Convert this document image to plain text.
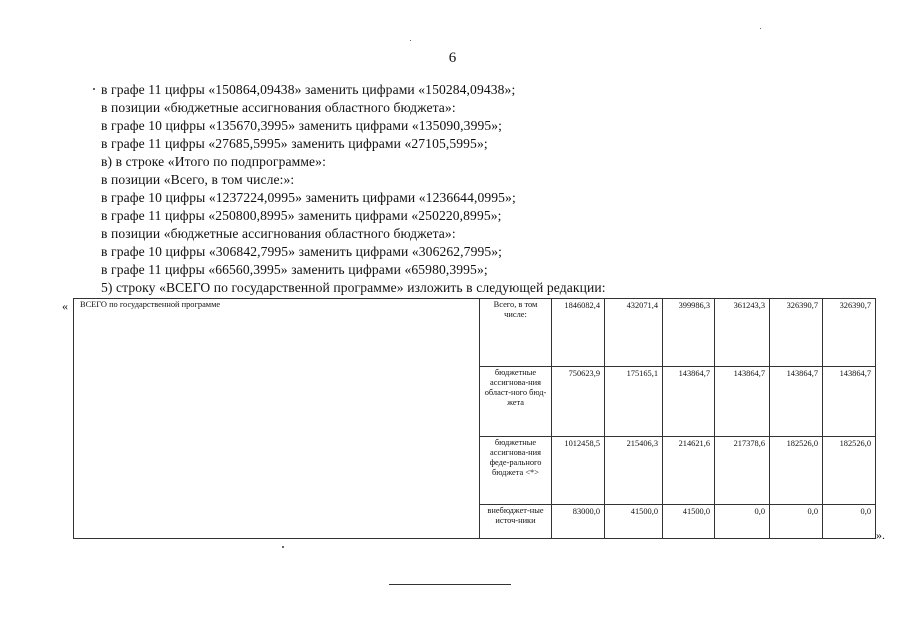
6
в графе 11 цифры «150864,09438» заменить цифрами «150284,09438»;
в позиции «бюджетные ассигнования областного бюджета»:
в графе 10 цифры «135670,3995» заменить цифрами «135090,3995»;
в графе 11 цифры «27685,5995» заменить цифрами «27105,5995»;
в) в строке «Итого по подпрограмме»:
в позиции «Всего, в том числе:»:
в графе 10 цифры «1237224,0995» заменить цифрами «1236644,0995»;
в графе 11 цифры «250800,8995» заменить цифрами «250220,8995»;
в позиции «бюджетные ассигнования областного бюджета»:
в графе 10 цифры «306842,7995» заменить цифрами «306262,7995»;
в графе 11 цифры «66560,3995» заменить цифрами «65980,3995»;
5) строку «ВСЕГО по государственной программе» изложить в следующей редакции:
« ВСЕГО по государственной программе	Всего, в том числе:	1846082,4	432071,4	399986,3	361243,3	326390,7	326390,7
	бюджетные ассигнова-ния област-ного бюд-жета	750623,9	175165,1	143864,7	143864,7	143864,7	143864,7
	бюджетные ассигнова-ния феде-рального бюджета <*>	1012458,5	215406,3	214621,6	217378,6	182526,0	182526,0
	внебюджет-ные источ-ники	83000,0	41500,0	41500,0	0,0	0,0	0,0
».
